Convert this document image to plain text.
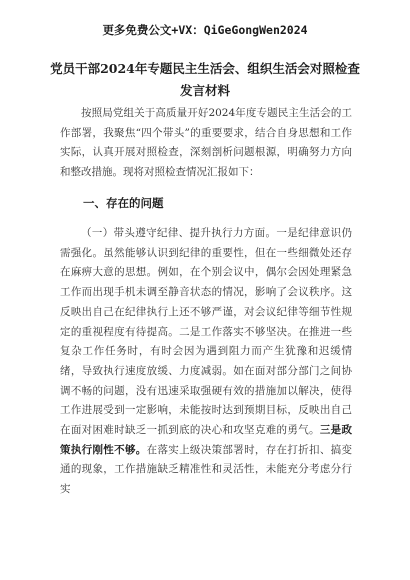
更多免费公文+VX：QiGeGongWen2024
党员干部2024年专题民主生活会、组织生活会对照检查发言材料

按照局党组关于高质量开好2024年度专题民主生活会的工作部署，我聚焦“四个带头”的重要要求，结合自身思想和工作实际，认真开展对照检查，深刻剖析问题根源，明确努力方向和整改措施。现将对照检查情况汇报如下：

一、存在的问题

（一）带头遵守纪律、提升执行力方面。一是纪律意识仍需强化。虽然能够认识到纪律的重要性，但在一些细微处还存在麻痹大意的思想。例如，在个别会议中，偶尔会因处理紧急工作而出现手机未调至静音状态的情况，影响了会议秩序。这反映出自己在纪律执行上还不够严谨，对会议纪律等细节性规定的重视程度有待提高。二是工作落实不够坚决。在推进一些复杂工作任务时，有时会因为遇到阻力而产生犹豫和迟缓情绪，导致执行速度放缓、力度减弱。如在面对部分部门之间协调不畅的问题，没有迅速采取强硬有效的措施加以解决，使得工作进展受到一定影响，未能按时达到预期目标，反映出自己在面对困难时缺乏一抓到底的决心和攻坚克难的勇气。三是政策执行刚性不够。在落实上级决策部署时，存在打折扣、搞变通的现象，工作措施缺乏精准性和灵活性，未能充分考虑分行实
